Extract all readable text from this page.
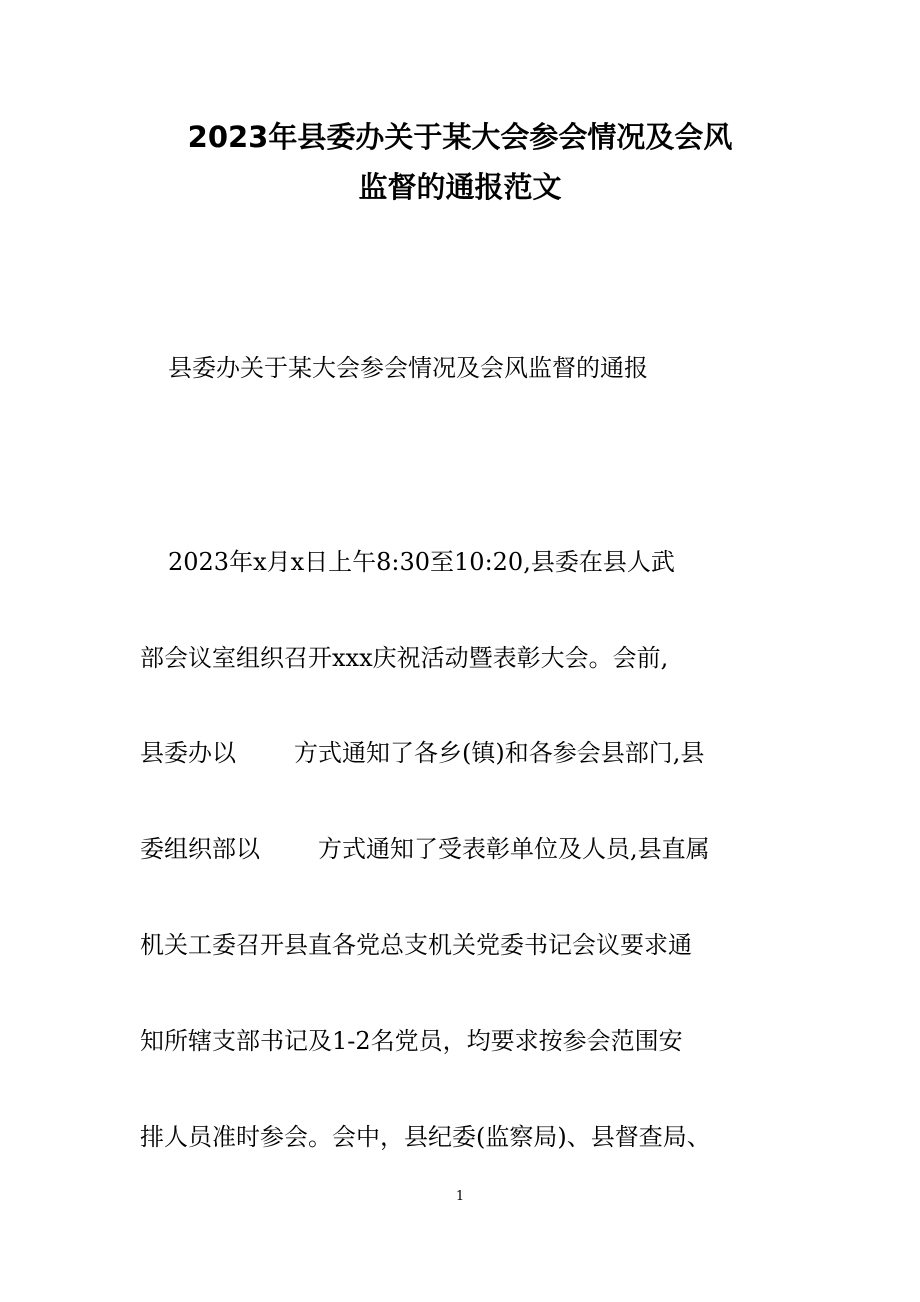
2023年县委办关于某大会参会情况及会风
监督的通报范文
县委办关于某大会参会情况及会风监督的通报
2023年x月x日上午8:30至10:20,县委在县人武
部会议室组织召开xxx庆祝活动暨表彰大会。会前,
县委办以 方式通知了各乡(镇)和各参会县部门,县
委组织部以 方式通知了受表彰单位及人员,县直属
机关工委召开县直各党总支机关党委书记会议要求通
知所辖支部书记及1-2名党员，均要求按参会范围安
排人员准时参会。会中，县纪委(监察局)、县督查局、
1
